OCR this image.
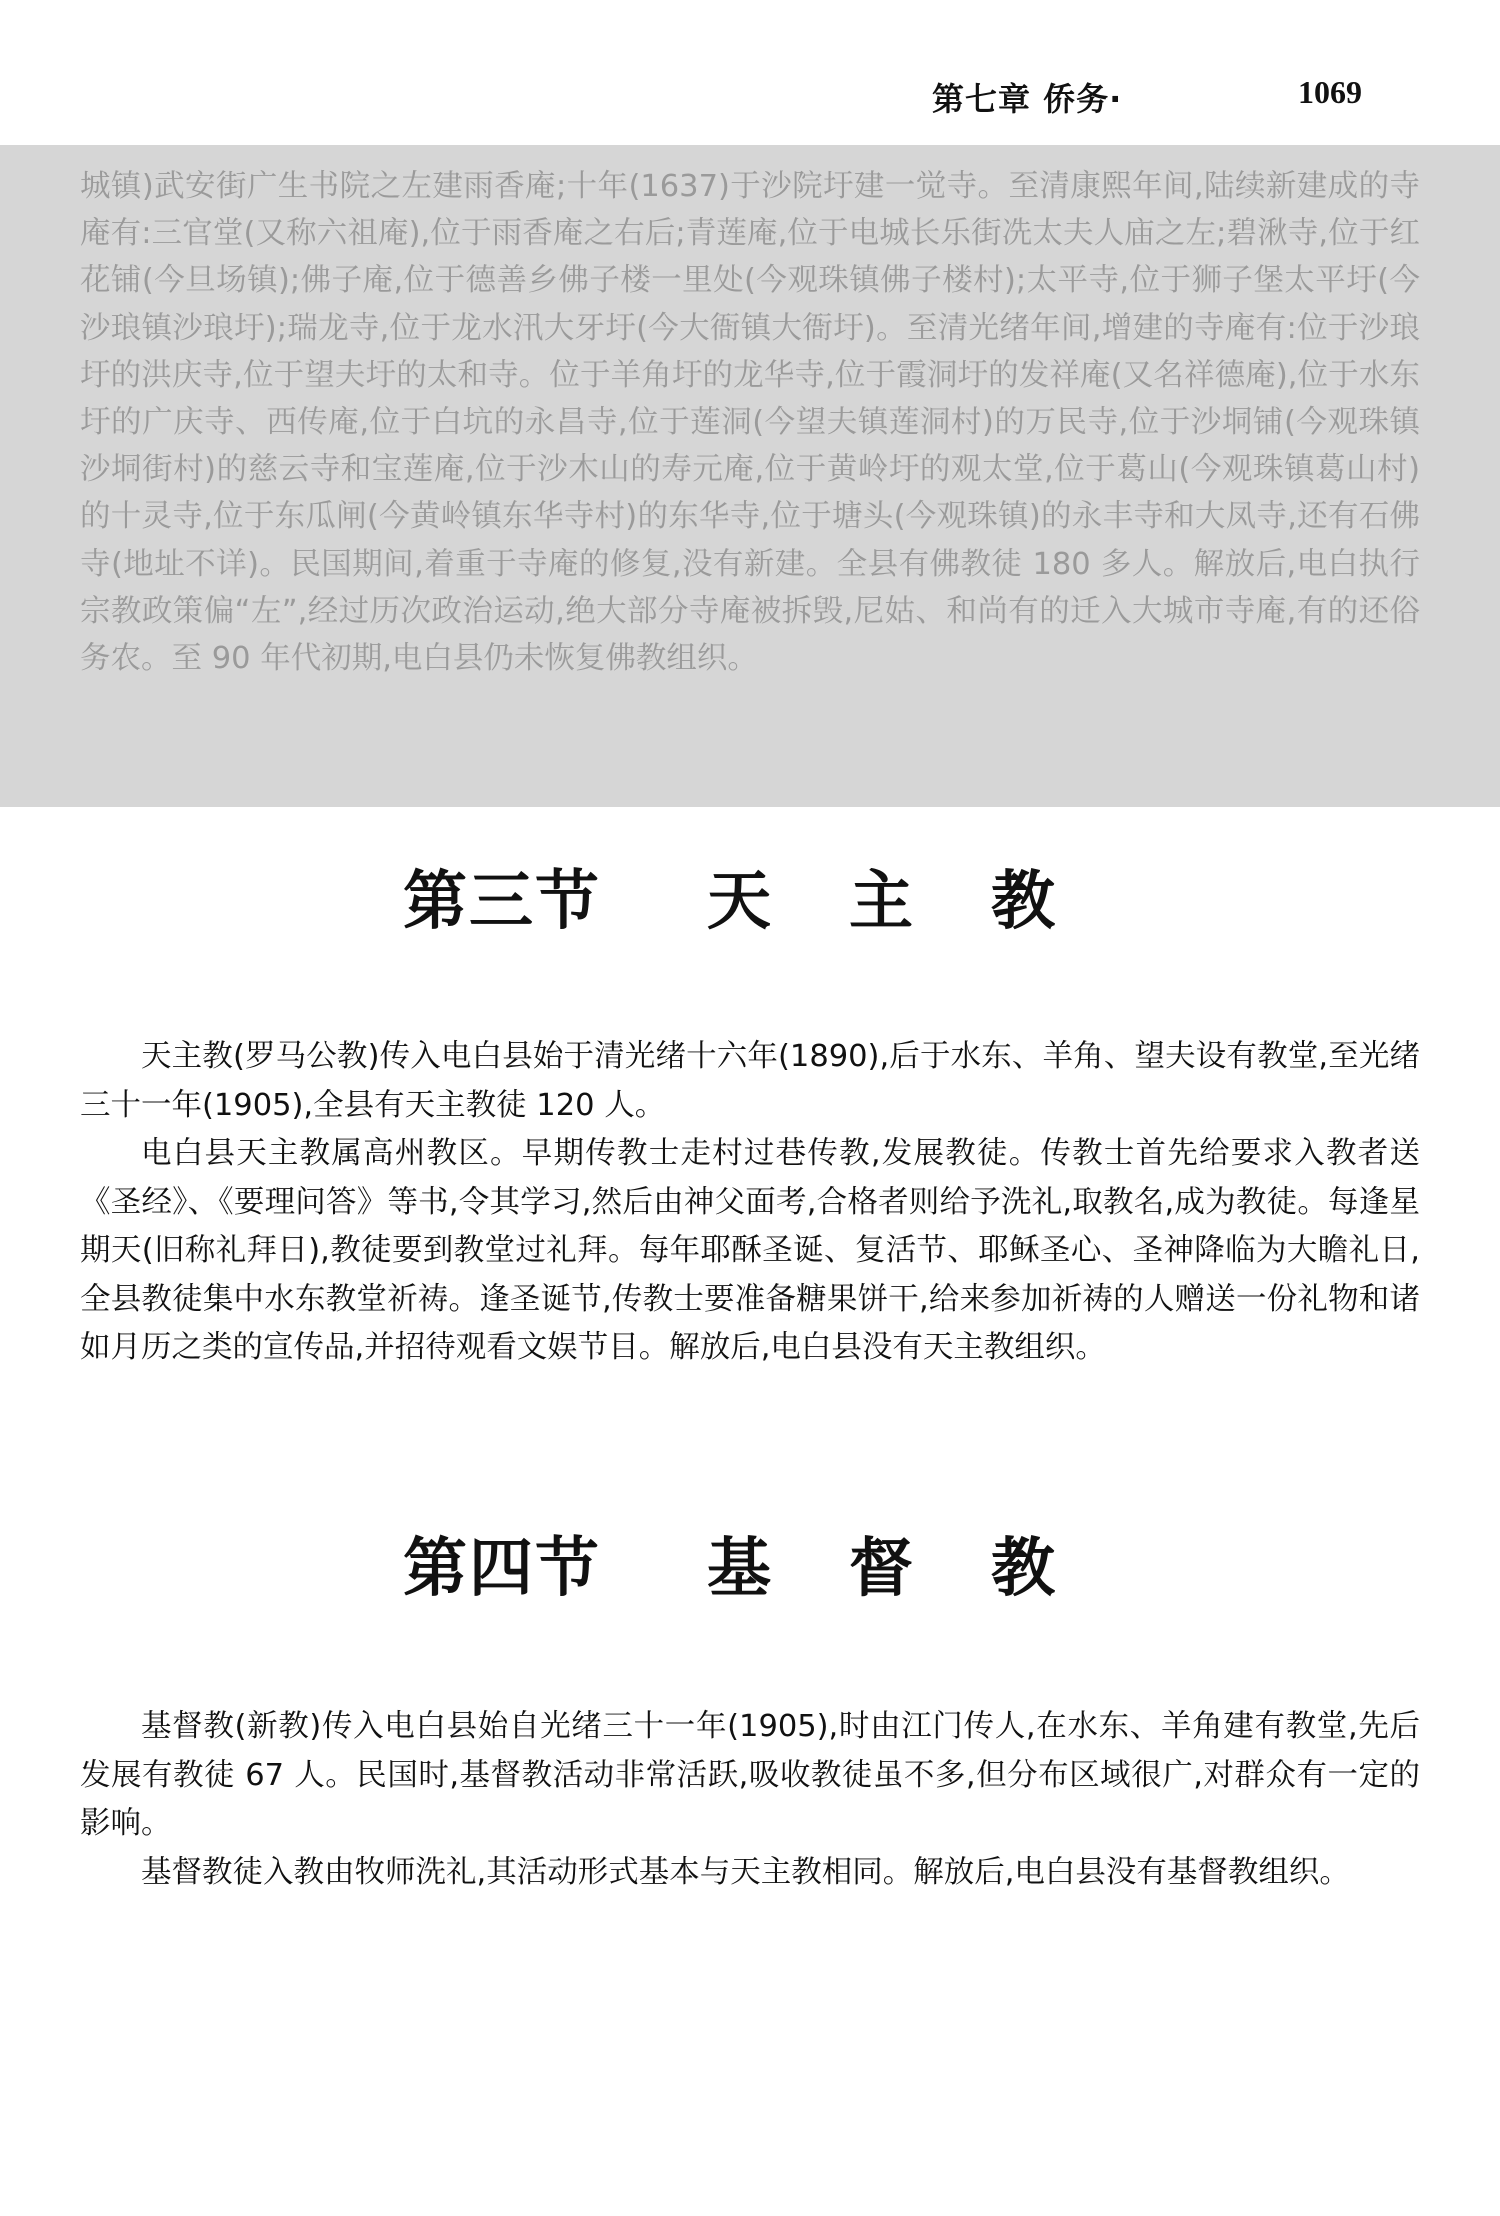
第七章 侨务·	1069

城镇)武安街广生书院之左建雨香庵;十年(1637)于沙院圩建一觉寺。至清康熙年间,陆续新建成的寺庵有:三官堂(又称六祖庵),位于雨香庵之右后;青莲庵,位于电城长乐街冼太夫人庙之左;碧湫寺,位于红花铺(今旦场镇);佛子庵,位于德善乡佛子楼一里处(今观珠镇佛子楼村);太平寺,位于狮子堡太平圩(今沙琅镇沙琅圩);瑞龙寺,位于龙水汛大牙圩(今大衙镇大衙圩)。至清光绪年间,增建的寺庵有:位于沙琅圩的洪庆寺,位于望夫圩的太和寺。位于羊角圩的龙华寺,位于霞洞圩的发祥庵(又名祥德庵),位于水东圩的广庆寺、西传庵,位于白坑的永昌寺,位于莲洞(今望夫镇莲洞村)的万民寺,位于沙垌铺(今观珠镇沙垌街村)的慈云寺和宝莲庵,位于沙木山的寿元庵,位于黄岭圩的观太堂,位于葛山(今观珠镇葛山村)的十灵寺,位于东瓜闸(今黄岭镇东华寺村)的东华寺,位于塘头(今观珠镇)的永丰寺和大凤寺,还有石佛寺(地址不详)。民国期间,着重于寺庵的修复,没有新建。全县有佛教徒 180 多人。解放后,电白执行宗教政策偏“左”,经过历次政治运动,绝大部分寺庵被拆毁,尼姑、和尚有的迁入大城市寺庵,有的还俗务农。至 90 年代初期,电白县仍未恢复佛教组织。

第三节 天 主 教

天主教(罗马公教)传入电白县始于清光绪十六年(1890),后于水东、羊角、望夫设有教堂,至光绪三十一年(1905),全县有天主教徒 120 人。

电白县天主教属高州教区。早期传教士走村过巷传教,发展教徒。传教士首先给要求入教者送《圣经》、《要理问答》等书,令其学习,然后由神父面考,合格者则给予洗礼,取教名,成为教徒。每逢星期天(旧称礼拜日),教徒要到教堂过礼拜。每年耶酥圣诞、复活节、耶稣圣心、圣神降临为大瞻礼日,全县教徒集中水东教堂祈祷。逢圣诞节,传教士要准备糖果饼干,给来参加祈祷的人赠送一份礼物和诸如月历之类的宣传品,并招待观看文娱节目。解放后,电白县没有天主教组织。

第四节 基 督 教

基督教(新教)传入电白县始自光绪三十一年(1905),时由江门传人,在水东、羊角建有教堂,先后发展有教徒 67 人。民国时,基督教活动非常活跃,吸收教徒虽不多,但分布区域很广,对群众有一定的影响。

基督教徒入教由牧师洗礼,其活动形式基本与天主教相同。解放后,电白县没有基督教组织。
